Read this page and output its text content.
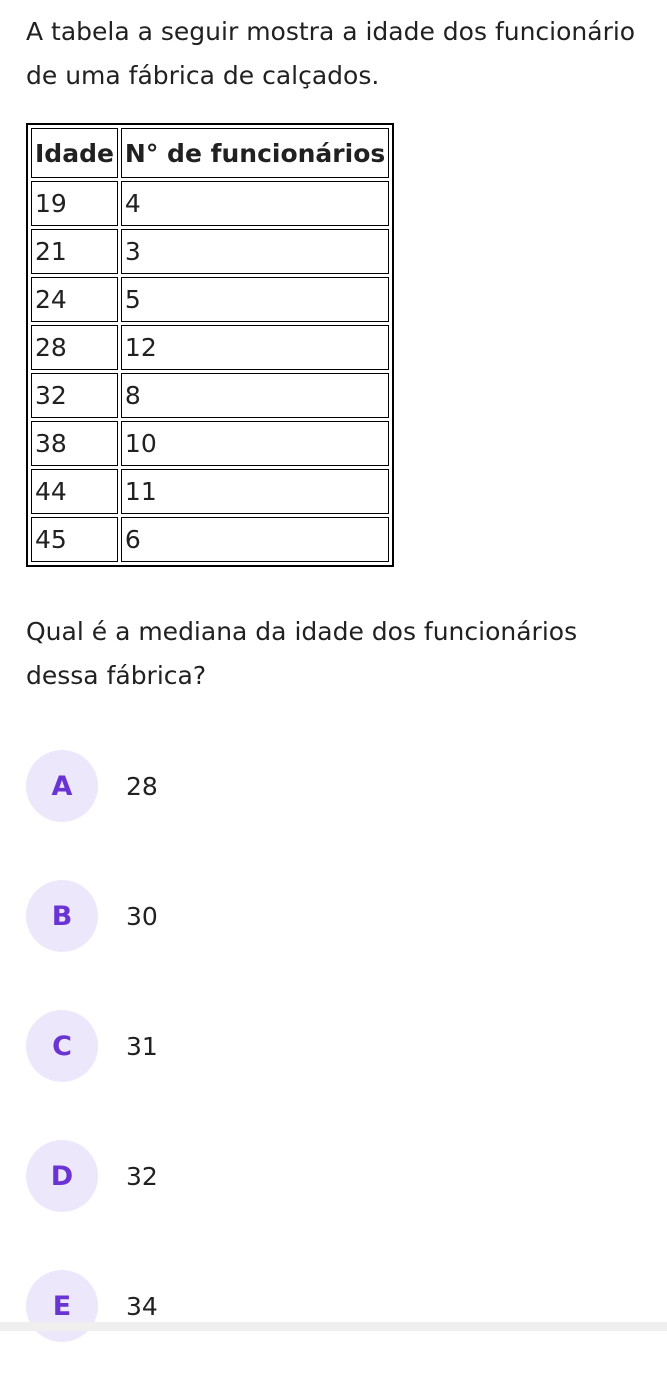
A tabela a seguir mostra a idade dos funcionário
de uma fábrica de calçados.
Idade	N° de funcionários
19	4
21	3
24	5
28	12
32	8
38	10
44	11
45	6

Qual é a mediana da idade dos funcionários dessa fábrica?

A	28
B	30
C	31
D	32
E	34
